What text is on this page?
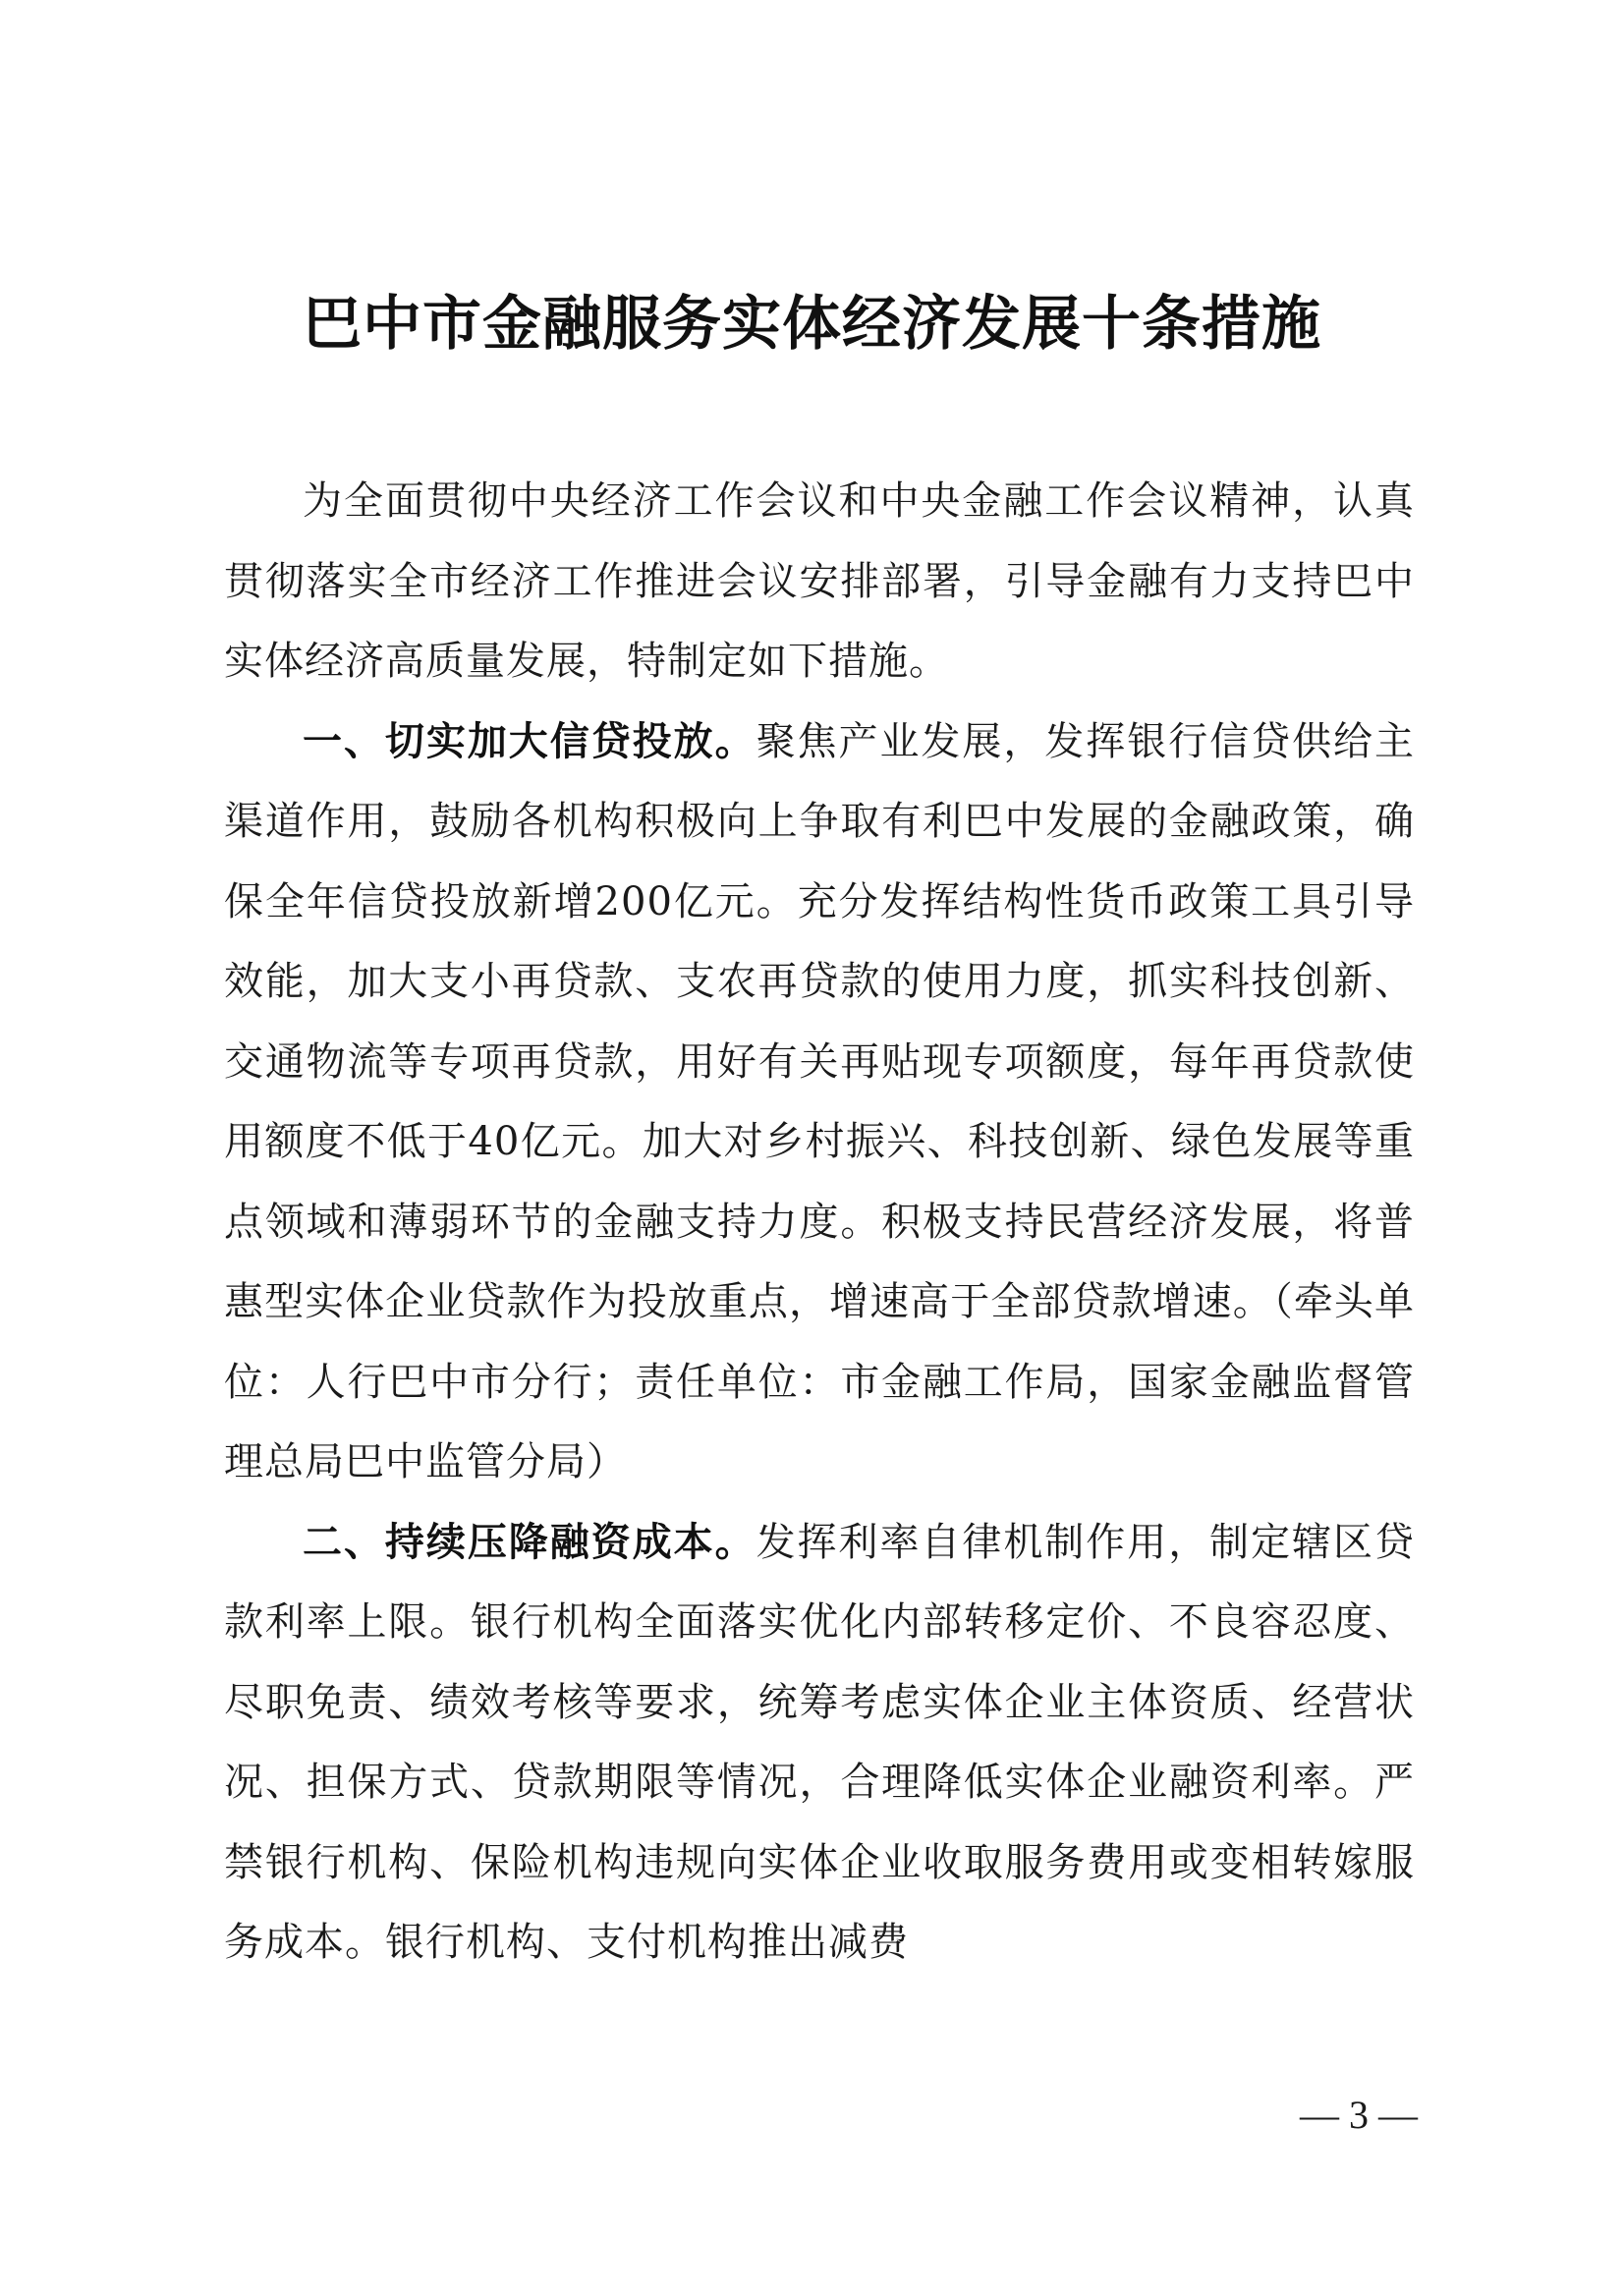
巴中市金融服务实体经济发展十条措施

为全面贯彻中央经济工作会议和中央金融工作会议精神，认真贯彻落实全市经济工作推进会议安排部署，引导金融有力支持巴中实体经济高质量发展，特制定如下措施。

一、切实加大信贷投放。聚焦产业发展，发挥银行信贷供给主渠道作用，鼓励各机构积极向上争取有利巴中发展的金融政策，确保全年信贷投放新增200亿元。充分发挥结构性货币政策工具引导效能，加大支小再贷款、支农再贷款的使用力度，抓实科技创新、交通物流等专项再贷款，用好有关再贴现专项额度，每年再贷款使用额度不低于40亿元。加大对乡村振兴、科技创新、绿色发展等重点领域和薄弱环节的金融支持力度。积极支持民营经济发展，将普惠型实体企业贷款作为投放重点，增速高于全部贷款增速。（牵头单位：人行巴中市分行；责任单位：市金融工作局，国家金融监督管理总局巴中监管分局）

二、持续压降融资成本。发挥利率自律机制作用，制定辖区贷款利率上限。银行机构全面落实优化内部转移定价、不良容忍度、尽职免责、绩效考核等要求，统筹考虑实体企业主体资质、经营状况、担保方式、贷款期限等情况，合理降低实体企业融资利率。严禁银行机构、保险机构违规向实体企业收取服务费用或变相转嫁服务成本。银行机构、支付机构推出减费

— 3 —
